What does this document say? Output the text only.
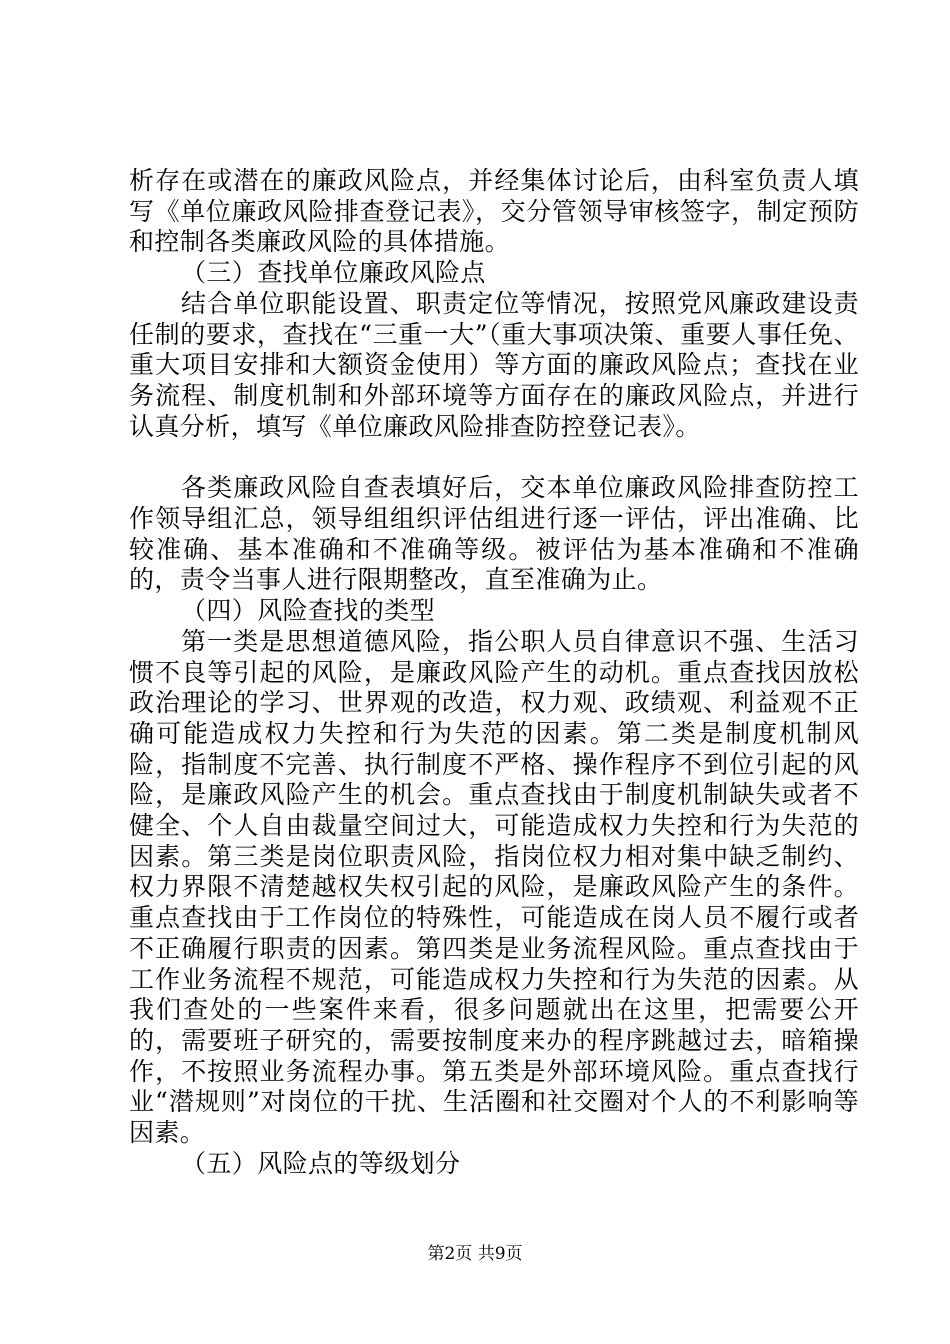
析存在或潜在的廉政风险点，并经集体讨论后，由科室负责人填写《单位廉政风险排查登记表》，交分管领导审核签字，制定预防和控制各类廉政风险的具体措施。

（三）查找单位廉政风险点

结合单位职能设置、职责定位等情况，按照党风廉政建设责任制的要求，查找在“三重一大”（重大事项决策、重要人事任免、重大项目安排和大额资金使用）等方面的廉政风险点；查找在业务流程、制度机制和外部环境等方面存在的廉政风险点，并进行认真分析，填写《单位廉政风险排查防控登记表》。

各类廉政风险自查表填好后，交本单位廉政风险排查防控工作领导组汇总，领导组组织评估组进行逐一评估，评出准确、比较准确、基本准确和不准确等级。被评估为基本准确和不准确的，责令当事人进行限期整改，直至准确为止。

（四）风险查找的类型

第一类是思想道德风险，指公职人员自律意识不强、生活习惯不良等引起的风险，是廉政风险产生的动机。重点查找因放松政治理论的学习、世界观的改造，权力观、政绩观、利益观不正确可能造成权力失控和行为失范的因素。第二类是制度机制风险，指制度不完善、执行制度不严格、操作程序不到位引起的风险，是廉政风险产生的机会。重点查找由于制度机制缺失或者不健全、个人自由裁量空间过大，可能造成权力失控和行为失范的因素。第三类是岗位职责风险，指岗位权力相对集中缺乏制约、权力界限不清楚越权失权引起的风险，是廉政风险产生的条件。重点查找由于工作岗位的特殊性，可能造成在岗人员不履行或者不正确履行职责的因素。第四类是业务流程风险。重点查找由于工作业务流程不规范，可能造成权力失控和行为失范的因素。从我们查处的一些案件来看，很多问题就出在这里，把需要公开的，需要班子研究的，需要按制度来办的程序跳越过去，暗箱操作，不按照业务流程办事。第五类是外部环境风险。重点查找行业“潜规则”对岗位的干扰、生活圈和社交圈对个人的不利影响等因素。

（五）风险点的等级划分

第2页 共9页
